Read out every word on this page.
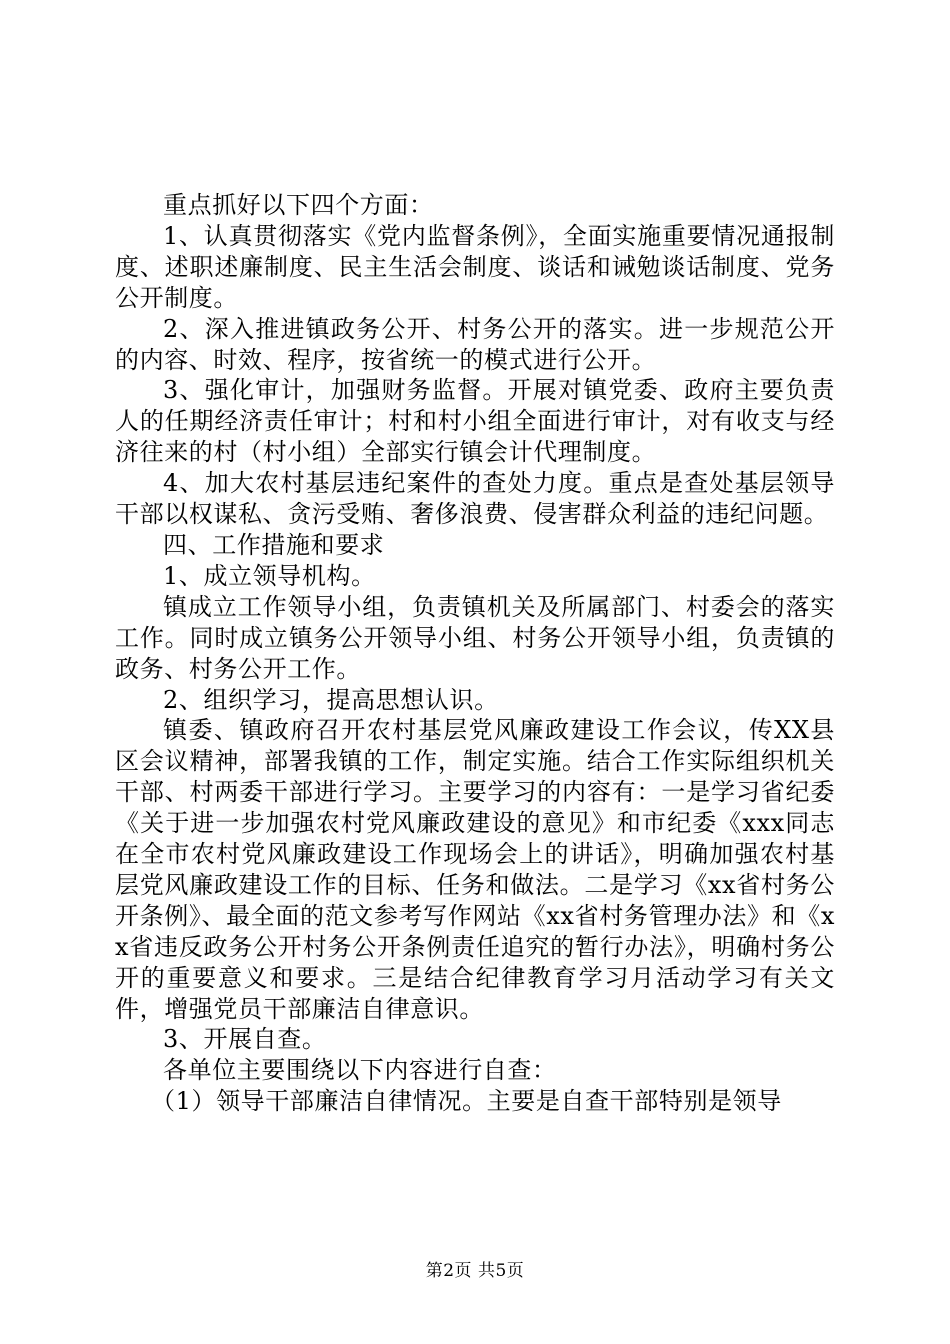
重点抓好以下四个方面：

1、认真贯彻落实《党内监督条例》，全面实施重要情况通报制度、述职述廉制度、民主生活会制度、谈话和诫勉谈话制度、党务公开制度。

2、深入推进镇政务公开、村务公开的落实。进一步规范公开的内容、时效、程序，按省统一的模式进行公开。

3、强化审计，加强财务监督。开展对镇党委、政府主要负责人的任期经济责任审计；村和村小组全面进行审计，对有收支与经济往来的村（村小组）全部实行镇会计代理制度。

4、加大农村基层违纪案件的查处力度。重点是查处基层领导干部以权谋私、贪污受贿、奢侈浪费、侵害群众利益的违纪问题。

四、工作措施和要求

1、成立领导机构。

镇成立工作领导小组，负责镇机关及所属部门、村委会的落实工作。同时成立镇务公开领导小组、村务公开领导小组，负责镇的政务、村务公开工作。

2、组织学习，提高思想认识。

镇委、镇政府召开农村基层党风廉政建设工作会议，传XX县区会议精神，部署我镇的工作，制定实施。结合工作实际组织机关干部、村两委干部进行学习。主要学习的内容有：一是学习省纪委《关于进一步加强农村党风廉政建设的意见》和市纪委《xxx同志在全市农村党风廉政建设工作现场会上的讲话》，明确加强农村基层党风廉政建设工作的目标、任务和做法。二是学习《xx省村务公开条例》、最全面的范文参考写作网站《xx省村务管理办法》和《xx省违反政务公开村务公开条例责任追究的暂行办法》，明确村务公开的重要意义和要求。三是结合纪律教育学习月活动学习有关文件，增强党员干部廉洁自律意识。

3、开展自查。

各单位主要围绕以下内容进行自查：

（1）领导干部廉洁自律情况。主要是自查干部特别是领导

第2页 共5页
